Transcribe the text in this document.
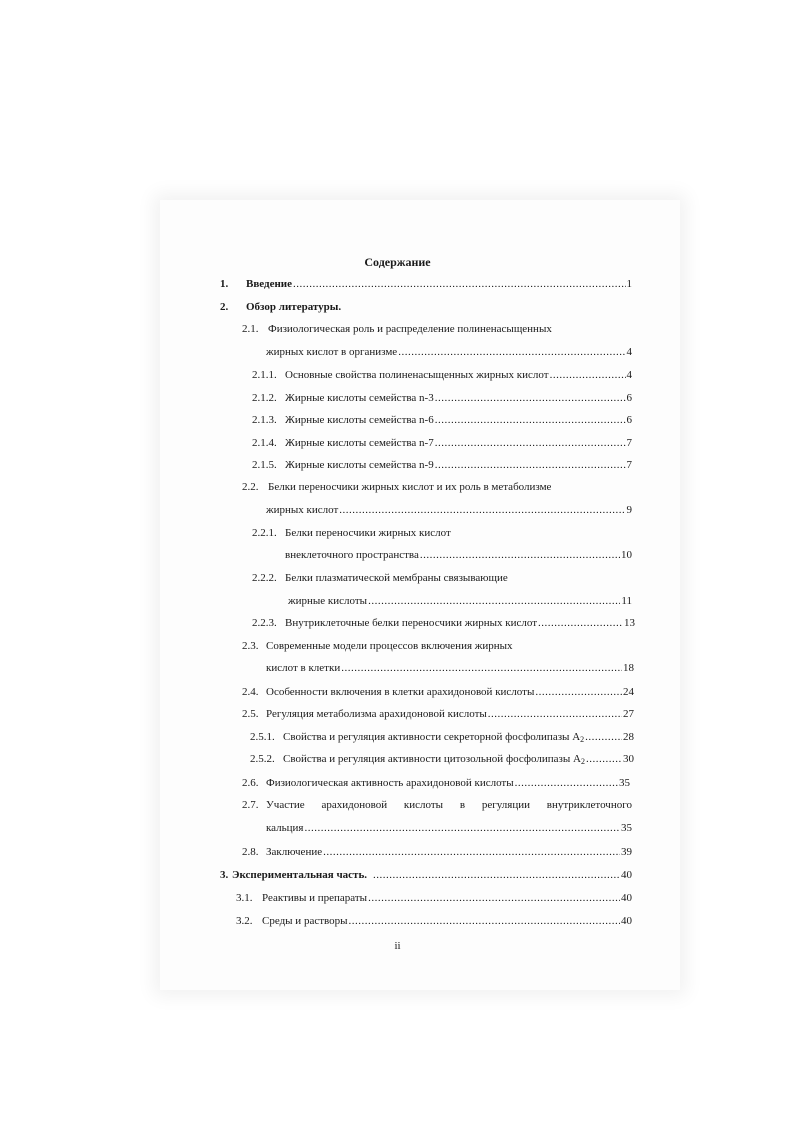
Содержание
1.	Введение .....	1
2.	Обзор литературы.
2.1. Физиологическая роль и распределение полиненасыщенных
жирных кислот в организме .....	4
2.1.1. Основные свойства полиненасыщенных жирных кислот .....	4
2.1.2. Жирные кислоты семейства n-3 .....	6
2.1.3. Жирные кислоты семейства n-6 .....	6
2.1.4. Жирные кислоты семейства n-7 .....	7
2.1.5. Жирные кислоты семейства n-9 .....	7
2.2. Белки переносчики жирных кислот и их роль в метаболизме
жирных кислот .....	9
2.2.1. Белки переносчики жирных кислот
внеклеточного пространства .....	10
2.2.2. Белки плазматической мембраны связывающие
жирные кислоты .....	11
2.2.3. Внутриклеточные белки переносчики жирных кислот .....	13
2.3. Современные модели процессов включения жирных
кислот в клетки .....	18
2.4. Особенности включения в клетки арахидоновой кислоты .....	24
2.5. Регуляция метаболизма арахидоновой кислоты .....	27
2.5.1. Свойства и регуляция активности секреторной фосфолипазы $A_2$ .....	28
2.5.2. Свойства и регуляция активности цитозольной фосфолипазы $A_2$ .....	30
2.6. Физиологическая активность арахидоновой кислоты .....	35
2.7. Участие арахидоновой кислоты в регуляции внутриклеточного
кальция .....	35
2.8. Заключение .....	39
3. Экспериментальная часть. .....	40
3.1. Реактивы и препараты .....	40
3.2. Среды и растворы .....	40
ii
